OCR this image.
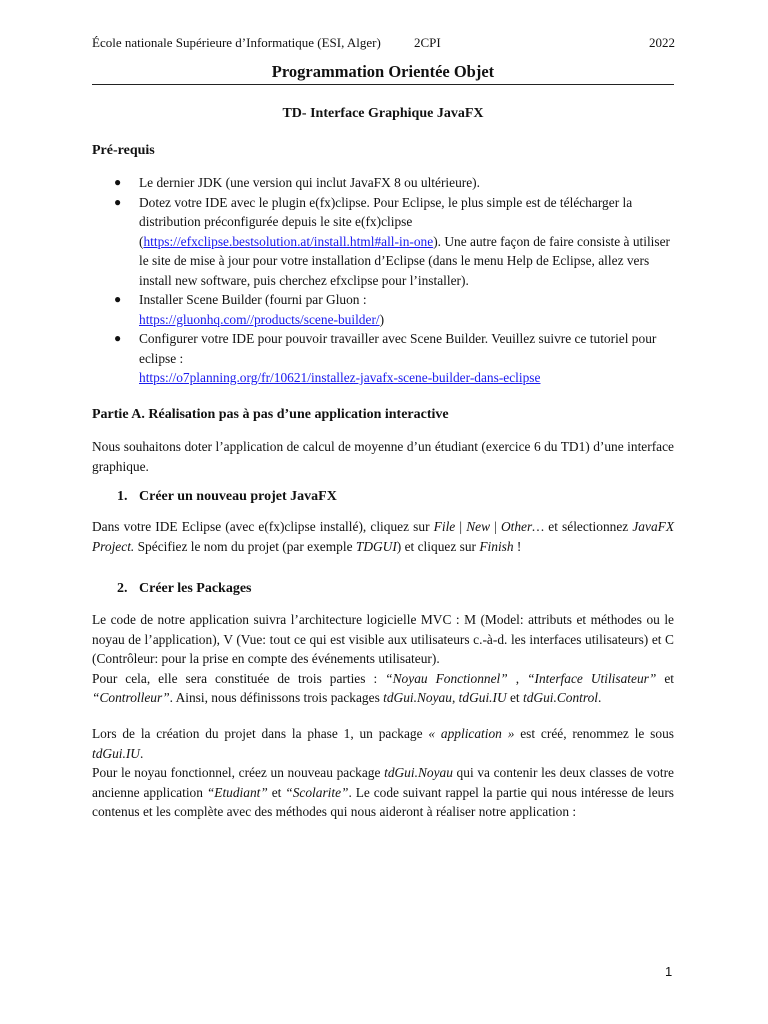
École nationale Supérieure d’Informatique (ESI, Alger)	2CPI	2022
Programmation Orientée Objet
TD- Interface Graphique JavaFX
Pré-requis
● Le dernier JDK (une version qui inclut JavaFX 8 ou ultérieure).
● Dotez votre IDE avec le plugin e(fx)clipse. Pour Eclipse, le plus simple est de télécharger la distribution préconfigurée depuis le site e(fx)clipse (https://efxclipse.bestsolution.at/install.html#all-in-one). Une autre façon de faire consiste à utiliser le site de mise à jour pour votre installation d’Eclipse (dans le menu Help de Eclipse, allez vers install new software, puis cherchez efxclipse pour l’installer).
● Installer Scene Builder (fourni par Gluon :
https://gluonhq.com//products/scene-builder/)
● Configurer votre IDE pour pouvoir travailler avec Scene Builder. Veuillez suivre ce tutoriel pour eclipse :
https://o7planning.org/fr/10621/installez-javafx-scene-builder-dans-eclipse
Partie A. Réalisation pas à pas d’une application interactive

Nous souhaitons doter l’application de calcul de moyenne d’un étudiant (exercice 6 du TD1) d’une interface graphique.

1. Créer un nouveau projet JavaFX

Dans votre IDE Eclipse (avec e(fx)clipse installé), cliquez sur File | New | Other… et sélectionnez JavaFX Project. Spécifiez le nom du projet (par exemple TDGUI) et cliquez sur Finish !

2. Créer les Packages

Le code de notre application suivra l’architecture logicielle MVC : M (Model: attributs et méthodes ou le noyau de l’application), V (Vue: tout ce qui est visible aux utilisateurs c.-à-d. les interfaces utilisateurs) et C (Contrôleur: pour la prise en compte des événements utilisateur).

Pour cela, elle sera constituée de trois parties : “Noyau Fonctionnel” , “Interface Utilisateur” et “Controlleur”. Ainsi, nous définissons trois packages tdGui.Noyau, tdGui.IU et tdGui.Control.

Lors de la création du projet dans la phase 1, un package « application » est créé, renommez le sous tdGui.IU.

Pour le noyau fonctionnel, créez un nouveau package tdGui.Noyau qui va contenir les deux classes de votre ancienne application “Etudiant” et “Scolarite”. Le code suivant rappel la partie qui nous intéresse de leurs contenus et les complète avec des méthodes qui nous aideront à réaliser notre application :

1
